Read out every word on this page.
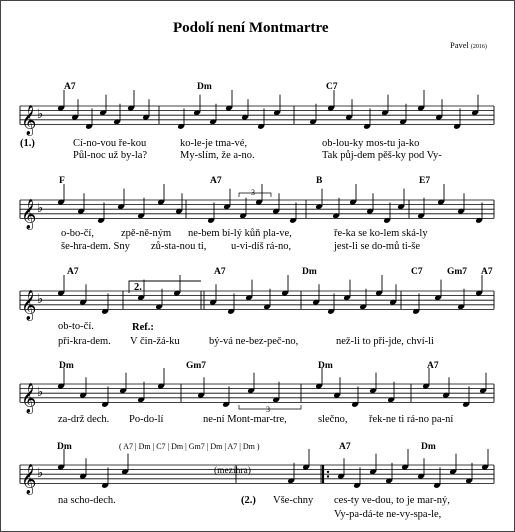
𝄞 ♭
𝄞 ♭
𝄞 ♭
𝄞 ♭
𝄞 ♭
3
3
Podolí není Montmartre
Pavel (2016)
A7	Dm	C7
(1.)	Cí-no-vou ře-kou	ko-le-je tma-vé,	ob-lou-ky mos-tu ja-ko
Půl-noc už by-la?	My-slím, že a-no.	Tak půj-dem pěš-ky pod Vy-
F	A7	B	E7
o-bo-čí,	zpě-ně-ným ne-bem bí-lý kůň pla-ve,	ře-ka se ko-lem ská-ly
še-hra-dem. Sny zů-sta-nou ti, u-vi-díš rá-no,	jest-li se do-mů ti-še
A7	A7	Dm	C7	Gm7 A7
2.
ob-to-čí.	Ref.:
při-kra-dem. V čin-žá-ku	bý-vá ne-bez-peč-no,	než-li to při-jde, chví-li
Dm	Gm7	Dm	A7
za-drž dech. Po-do-lí	ne-ní Mont-mar-tre,	slečno, řek-ne ti rá-no pa-ní
Dm	A7	Dm
( A7 | Dm | C7 | Dm | Gm7 | Dm | A7 | Dm )
(mezihra)
na scho-dech.	(2.) Vše-chny ces-ty ve-dou, to je mar-ný,
Vy-pa-dá-te ne-vy-spa-le,
